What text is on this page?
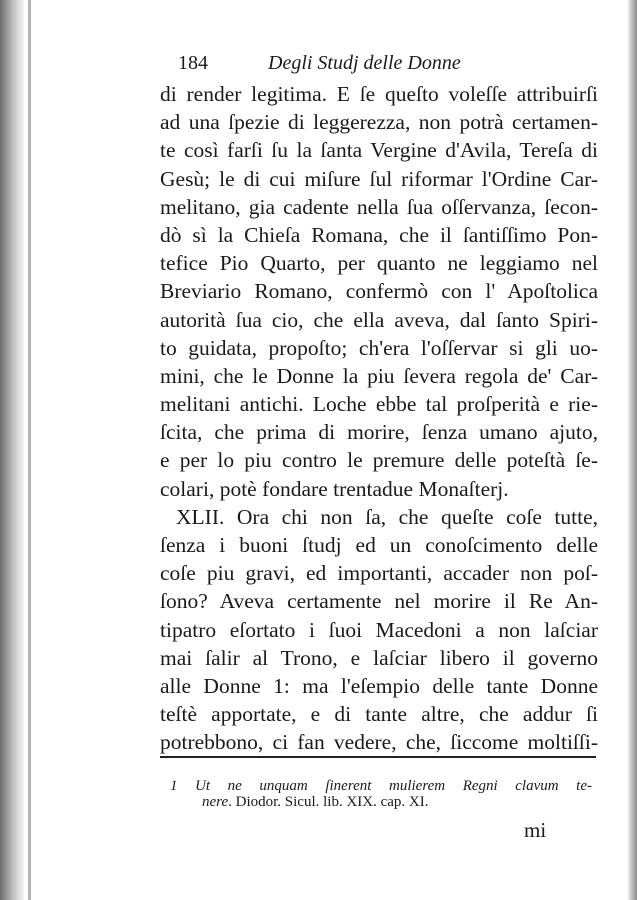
184	Degli Studj delle Donne
di render legitima. E ſe queſto voleſſe attribuirſi
ad una ſpezie di leggerezza, non potrà certamen-
te così farſi ſu la ſanta Vergine d'Avila, Tereſa di
Gesù; le di cui miſure ſul riformar l'Ordine Car-
melitano, gia cadente nella ſua oſſervanza, ſecon-
dò sì la Chieſa Romana, che il ſantiſſimo Pon-
tefice Pio Quarto, per quanto ne leggiamo nel
Breviario Romano, confermò con l' Apoſtolica
autorità ſua cio, che ella aveva, dal ſanto Spiri-
to guidata, propoſto; ch'era l'oſſervar si gli uo-
mini, che le Donne la piu ſevera regola de' Car-
melitani antichi. Loche ebbe tal proſperità e rie-
ſcita, che prima di morire, ſenza umano ajuto,
e per lo piu contro le premure delle poteſtà ſe-
colari, potè fondare trentadue Monaſterj.
XLII. Ora chi non ſa, che queſte coſe tutte,
ſenza i buoni ſtudj ed un conoſcimento delle
coſe piu gravi, ed importanti, accader non poſ-
ſono? Aveva certamente nel morire il Re An-
tipatro eſortato i ſuoi Macedoni a non laſciar
mai ſalir al Trono, e laſciar libero il governo
alle Donne 1: ma l'eſempio delle tante Donne
teſtè apportate, e di tante altre, che addur ſi
potrebbono, ci fan vedere, che, ſiccome moltiſſi-
1 Ut ne unquam ſinerent mulierem Regni clavum te-
nere. Diodor. Sicul. lib. XIX. cap. XI.
mi
